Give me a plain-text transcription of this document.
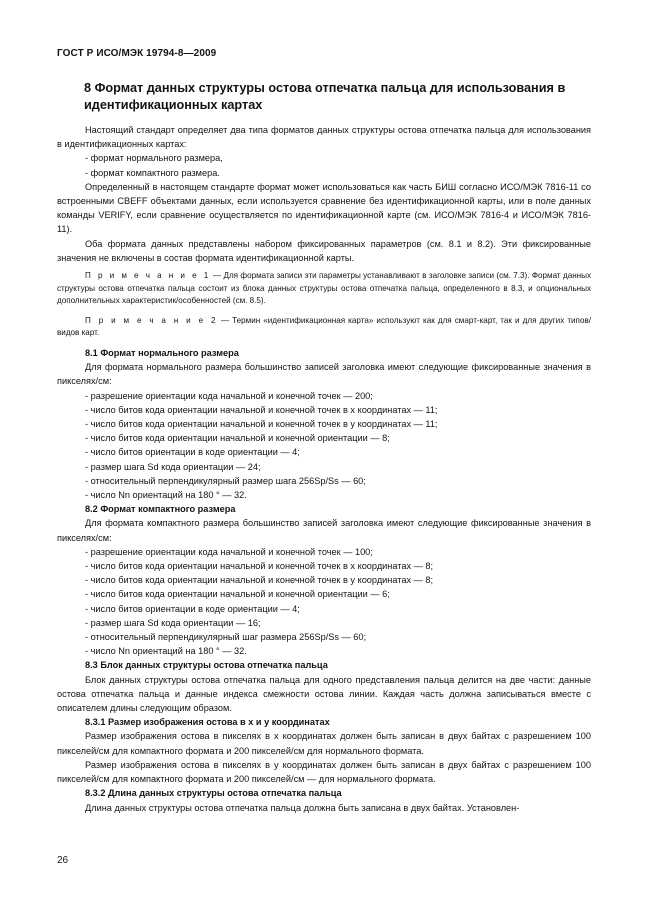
ГОСТ Р ИСО/МЭК 19794-8—2009
8 Формат данных структуры остова отпечатка пальца для использования в идентификационных картах

Настоящий стандарт определяет два типа форматов данных структуры остова отпечатка пальца для использования в идентификационных картах:

- формат нормального размера,

- формат компактного размера.

Определенный в настоящем стандарте формат может использоваться как часть БИШ согласно ИСО/МЭК 7816-11 со встроенными CBEFF объектами данных, если используется сравнение без идентификационной карты, или в поле данных команды VERIFY, если сравнение осуществляется по идентификационной карте (см. ИСО/МЭК 7816-4 и ИСО/МЭК 7816-11).

Оба формата данных представлены набором фиксированных параметров (см. 8.1 и 8.2). Эти фиксированные значения не включены в состав формата идентификационной карты.

П р и м е ч а н и е 1 — Для формата записи эти параметры устанавливают в заголовке записи (см. 7.3). Формат данных структуры остова отпечатка пальца состоит из блока данных структуры остова отпечатка пальца, определенного в 8.3, и опциональных дополнительных характеристик/особенностей (см. 8.5).

П р и м е ч а н и е 2 — Термин «идентификационная карта» используют как для смарт-карт, так и для других типов/видов карт.

8.1 Формат нормального размера

Для формата нормального размера большинство записей заголовка имеют следующие фиксированные значения в пикселях/см:

- разрешение ориентации кода начальной и конечной точек — 200;

- число битов кода ориентации начальной и конечной точек в x координатах — 11;

- число битов кода ориентации начальной и конечной точек в y координатах — 11;

- число битов кода ориентации начальной и конечной ориентации — 8;

- число битов ориентации в коде ориентации — 4;

- размер шага Sd кода ориентации — 24;

- относительный перпендикулярный размер шага 256Sp/Ss — 60;

- число Nn ориентаций на 180 ° — 32.

8.2 Формат компактного размера

Для формата компактного размера большинство записей заголовка имеют следующие фиксированные значения в пикселях/см:

- разрешение ориентации кода начальной и конечной точек — 100;

- число битов кода ориентации начальной и конечной точек в x координатах — 8;

- число битов кода ориентации начальной и конечной точек в y координатах — 8;

- число битов кода ориентации начальной и конечной ориентации — 6;

- число битов ориентации в коде ориентации — 4;

- размер шага Sd кода ориентации — 16;

- относительный перпендикулярный шаг размера 256Sp/Ss — 60;

- число Nn ориентаций на 180 ° — 32.

8.3 Блок данных структуры остова отпечатка пальца

Блок данных структуры остова отпечатка пальца для одного представления пальца делится на две части: данные остова отпечатка пальца и данные индекса смежности остова линии. Каждая часть должна записываться вместе с описателем длины следующим образом.

8.3.1 Размер изображения остова в x и y координатах

Размер изображения остова в пикселях в x координатах должен быть записан в двух байтах с разрешением 100 пикселей/см для компактного формата и 200 пикселей/см для нормального формата.

Размер изображения остова в пикселях в y координатах должен быть записан в двух байтах с разрешением 100 пикселей/см для компактного формата и 200 пикселей/см — для нормального формата.

8.3.2 Длина данных структуры остова отпечатка пальца

Длина данных структуры остова отпечатка пальца должна быть записана в двух байтах. Установлен-

26
